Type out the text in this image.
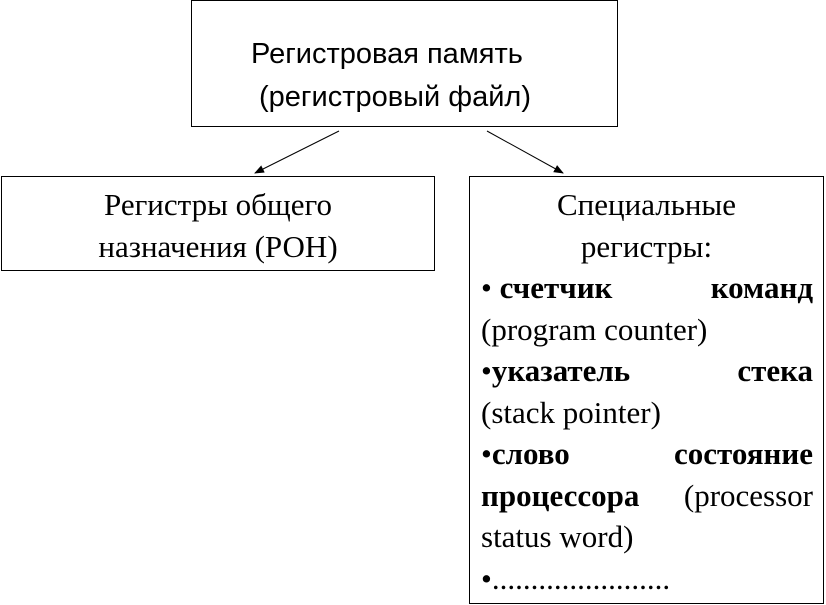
Регистровая память
(регистровый файл)
Регистры общего
назначения (РОН)
Специальные
регистры:
• счетчик	команд
(program counter)
•указатель	стека
(stack pointer)
•слово	состояние
процессора (processor
status word)
•.......................
